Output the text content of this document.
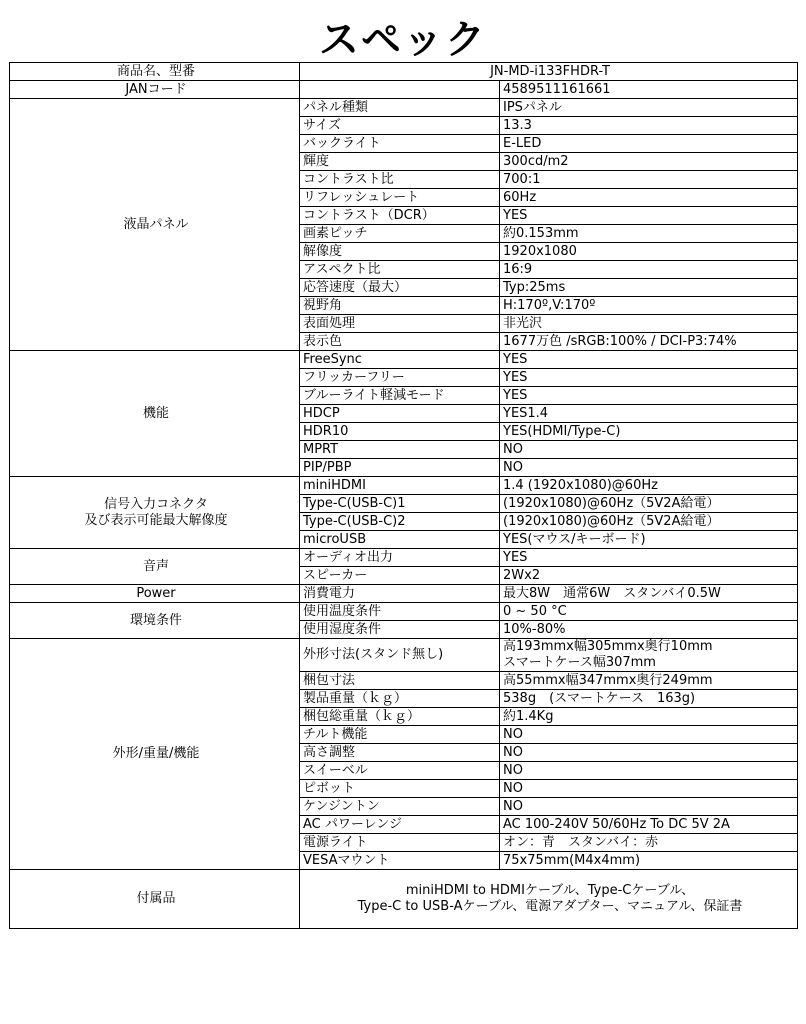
スペック
商品名、型番	JN-MD-i133FHDR-T	
JANコード		4589511161661
液晶パネル	パネル種類	IPSパネル
	サイズ	13.3
	バックライト	E-LED
	輝度	300cd/m2
	コントラスト比	700:1
	リフレッシュレート	60Hz
	コントラスト（DCR）	YES
	画素ピッチ	約0.153mm
	解像度	1920x1080
	アスペクト比	16:9
	応答速度（最大）	Typ:25ms
	視野角	H:170º,V:170º
	表面処理	非光沢
	表示色	1677万色 /sRGB:100% / DCI-P3:74%
機能	FreeSync	YES
	フリッカーフリー	YES
	ブルーライト軽減モード	YES
	HDCP	YES1.4
	HDR10	YES(HDMI/Type-C)
	MPRT	NO
	PIP/PBP	NO

信号入力コネクタ
及び表示可能最大解像度	miniHDMI	1.4 (1920x1080)@60Hz
	Type-C(USB-C)1	(1920x1080)@60Hz（5V2A給電）
	Type-C(USB-C)2	(1920x1080)@60Hz（5V2A給電）
	microUSB	YES(マウス/キーボード)
音声	オーディオ出力	YES
	スピーカー	2Wx2
Power	消費電力	最大8W　通常6W　スタンバイ0.5W
環境条件	使用温度条件	0 ~ 50 °C
	使用湿度条件	10%-80%
外形/重量/機能	外形寸法(スタンド無し)	高193mmx幅305mmx奥行10mm
スマートケース幅307mm

	梱包寸法	高55mmx幅347mmx奥行249mm
	製品重量（ｋｇ）	538g　(スマートケース　163g)
	梱包総重量（ｋｇ）	約1.4Kg
	チルト機能	NO
	高さ調整	NO
	スイーベル	NO
	ピボット	NO
	ケンジントン	NO
	AC パワーレンジ	AC 100-240V 50/60Hz To DC 5V 2A
	電源ライト	オン：青　スタンバイ：赤
	VESAマウント	75x75mm(M4x4mm)
付属品	miniHDMI to HDMIケーブル、Type-Cケーブル、
Type-C to USB-Aケーブル、電源アダプター、マニュアル、保証書	
